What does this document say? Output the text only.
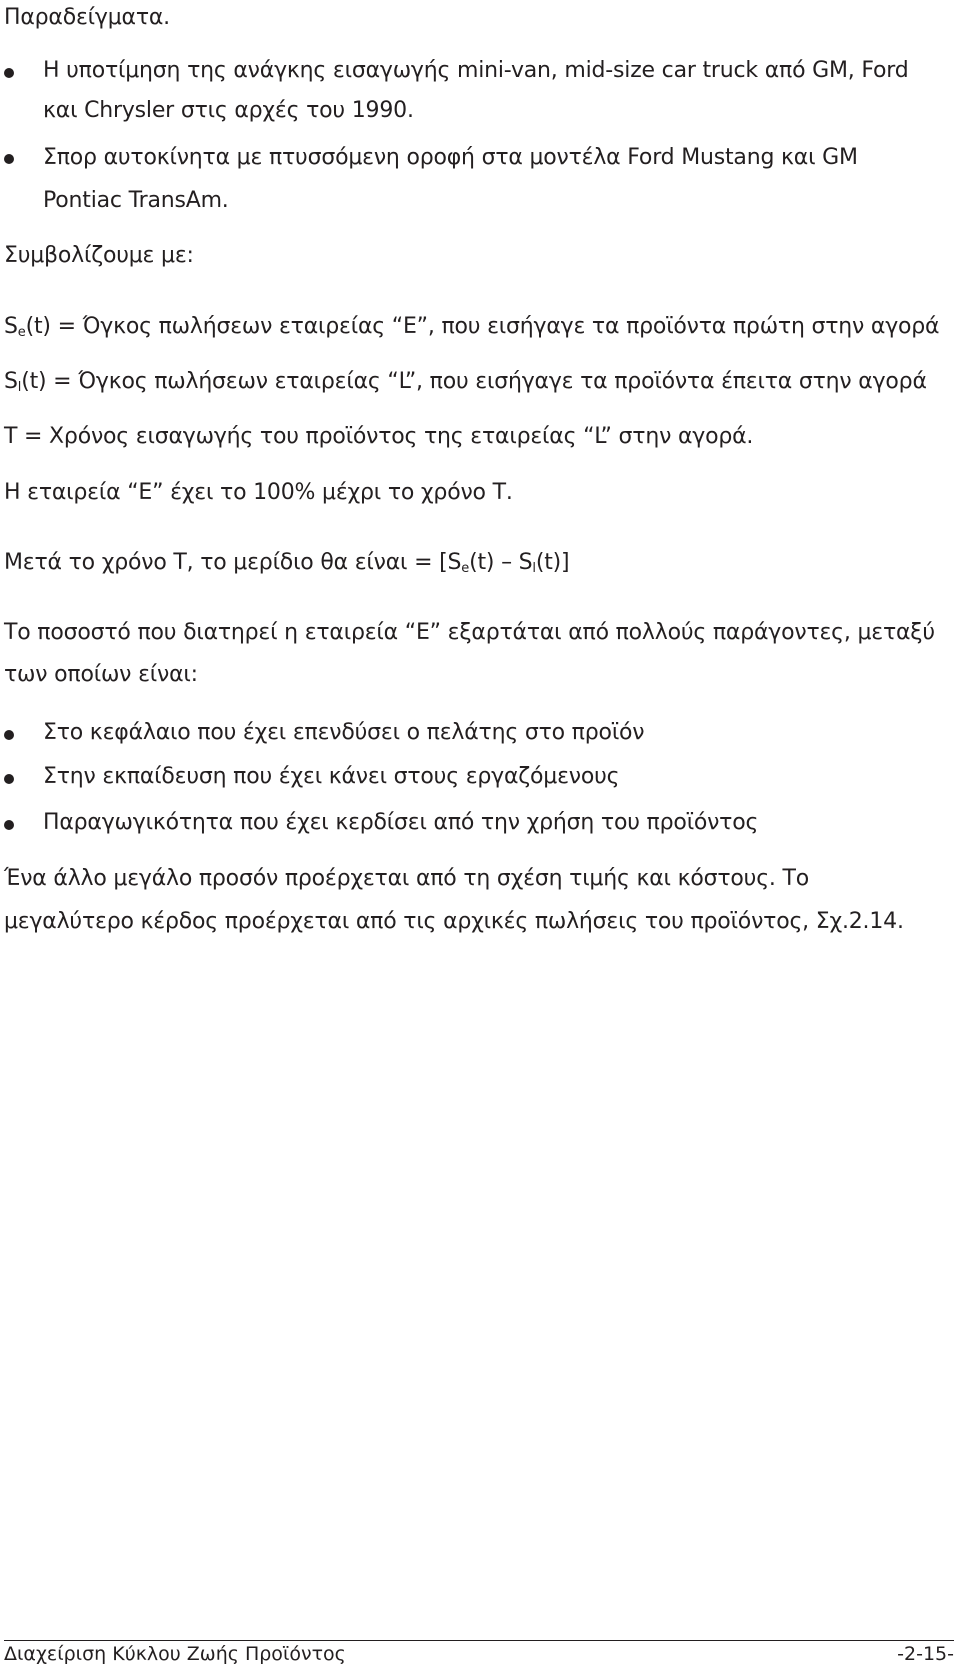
Παραδείγματα.
Η υποτίμηση της ανάγκης εισαγωγής mini-van, mid-size car truck από GM, Ford
και Chrysler στις αρχές του 1990.
Σπορ αυτοκίνητα με πτυσσόμενη οροφή στα μοντέλα Ford Mustang και GM
Pontiac TransAm.
Συμβολίζουμε με:
$S_e(t) = Ό\gamma\kappa o\varsigma$ πωλήσεων εταιρείας “Ε”, που εισήγαγε τα προϊόντα πρώτη στην αγορά
$S_l(t) = Ό\gamma\kappa o\varsigma$ πωλήσεων εταιρείας “L”, που εισήγαγε τα προϊόντα έπειτα στην αγορά
T = Χρόνος εισαγωγής του προϊόντος της εταιρείας “L” στην αγορά.
Η εταιρεία “Ε” έχει το 100% μέχρι το χρόνο Τ.
Μετά το χρόνο Τ, το μερίδιο θα $\varepsilon ί\nu\alpha\iota = [S_e(t) - S_l(t)]$
Το ποσοστό που διατηρεί η εταιρεία “Ε” εξαρτάται από πολλούς παράγοντες, μεταξύ
των οποίων είναι:
Στο κεφάλαιο που έχει επενδύσει ο πελάτης στο προϊόν
Στην εκπαίδευση που έχει κάνει στους εργαζόμενους
Παραγωγικότητα που έχει κερδίσει από την χρήση του προϊόντος
Ένα άλλο μεγάλο προσόν προέρχεται από τη σχέση τιμής και κόστους. Το
μεγαλύτερο κέρδος προέρχεται από τις αρχικές πωλήσεις του προϊόντος, Σχ.2.14.
Διαχείριση Κύκλου Ζωής Προϊόντος	-2-15-
